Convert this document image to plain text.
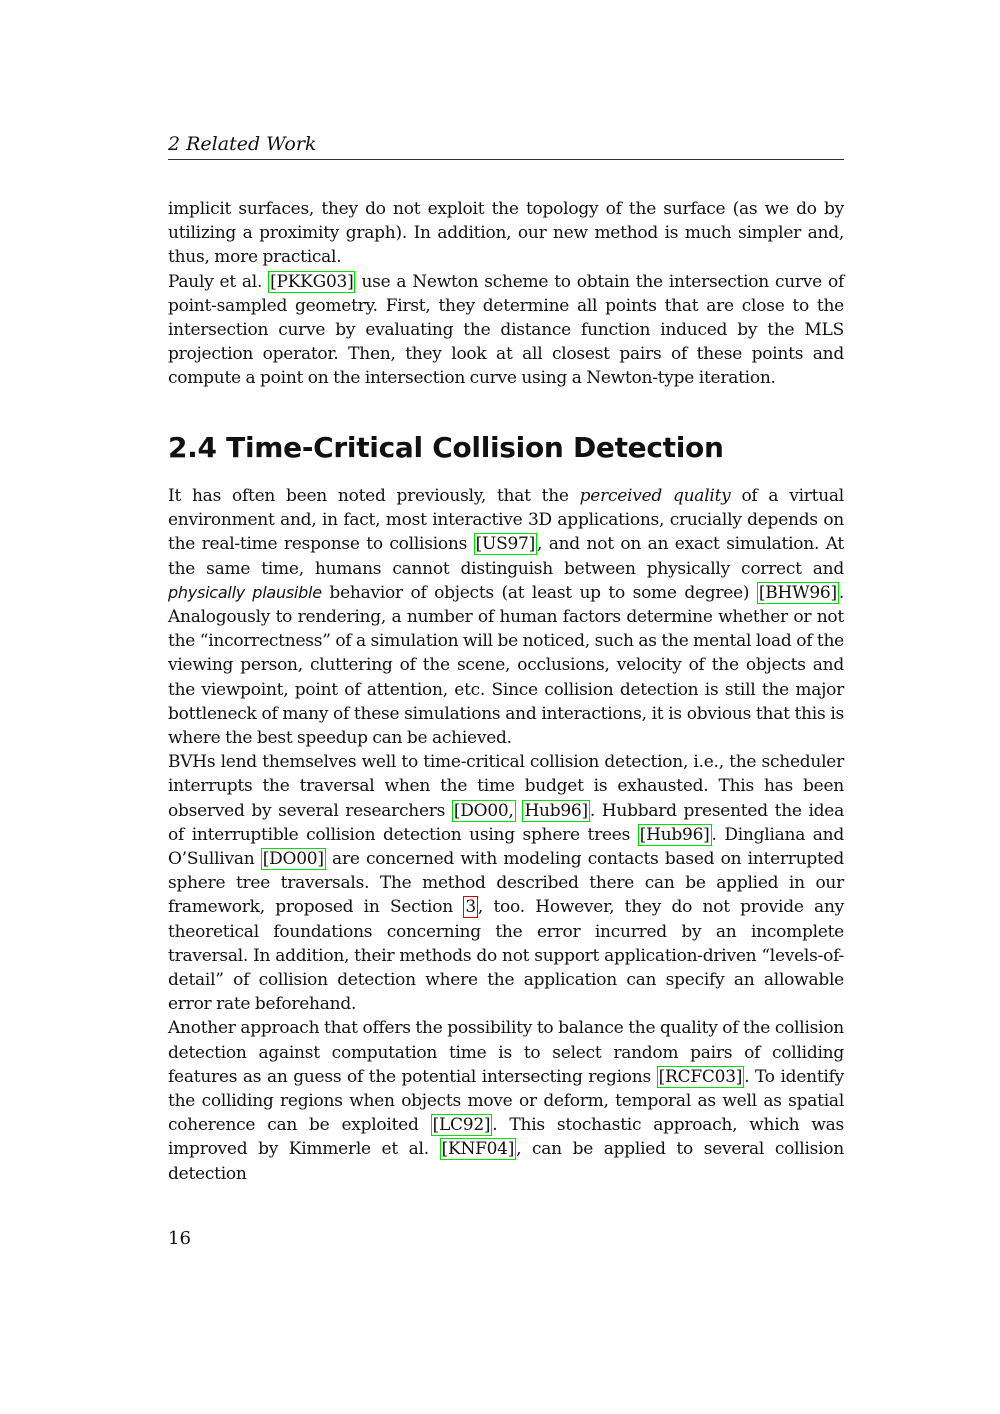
2 Related Work

implicit surfaces, they do not exploit the topology of the surface (as we do by utilizing a proximity graph). In addition, our new method is much simpler and, thus, more practical.

Pauly et al. [PKKG03] use a Newton scheme to obtain the intersection curve of point-sampled geometry. First, they determine all points that are close to the intersection curve by evaluating the distance function induced by the MLS projection operator. Then, they look at all closest pairs of these points and compute a point on the intersection curve using a Newton-type iteration.

2.4 Time-Critical Collision Detection

It has often been noted previously, that the perceived quality of a virtual environment and, in fact, most interactive 3D applications, crucially depends on the real-time response to collisions [US97] , and not on an exact simulation. At the same time, humans cannot distinguish between physically correct and physically plausible behavior of objects (at least up to some degree) [BHW96] . Analogously to rendering, a number of human factors determine whether or not the “incorrectness” of a simulation will be noticed, such as the mental load of the viewing person, cluttering of the scene, occlusions, velocity of the objects and the viewpoint, point of attention, etc. Since collision detection is still the major bottleneck of many of these simulations and interactions, it is obvious that this is where the best speedup can be achieved.

BVHs lend themselves well to time-critical collision detection, i.e., the scheduler interrupts the traversal when the time budget is exhausted. This has been observed by several researchers [DO00, Hub96] . Hubbard presented the idea of interruptible collision detection using sphere trees [Hub96] . Dingliana and O’Sullivan [DO00] are concerned with modeling contacts based on interrupted sphere tree traversals. The method described there can be applied in our framework, proposed in Section 3 , too. However, they do not provide any theoretical foundations concerning the error incurred by an incomplete traversal. In addition, their methods do not support application-driven “levels-of-detail” of collision detection where the application can specify an allowable error rate beforehand.

Another approach that offers the possibility to balance the quality of the collision detection against computation time is to select random pairs of colliding features as an guess of the potential intersecting regions [RCFC03] . To identify the colliding regions when objects move or deform, temporal as well as spatial coherence can be exploited [LC92] . This stochastic approach, which was improved by Kimmerle et al. [KNF04] , can be applied to several collision detection

16
